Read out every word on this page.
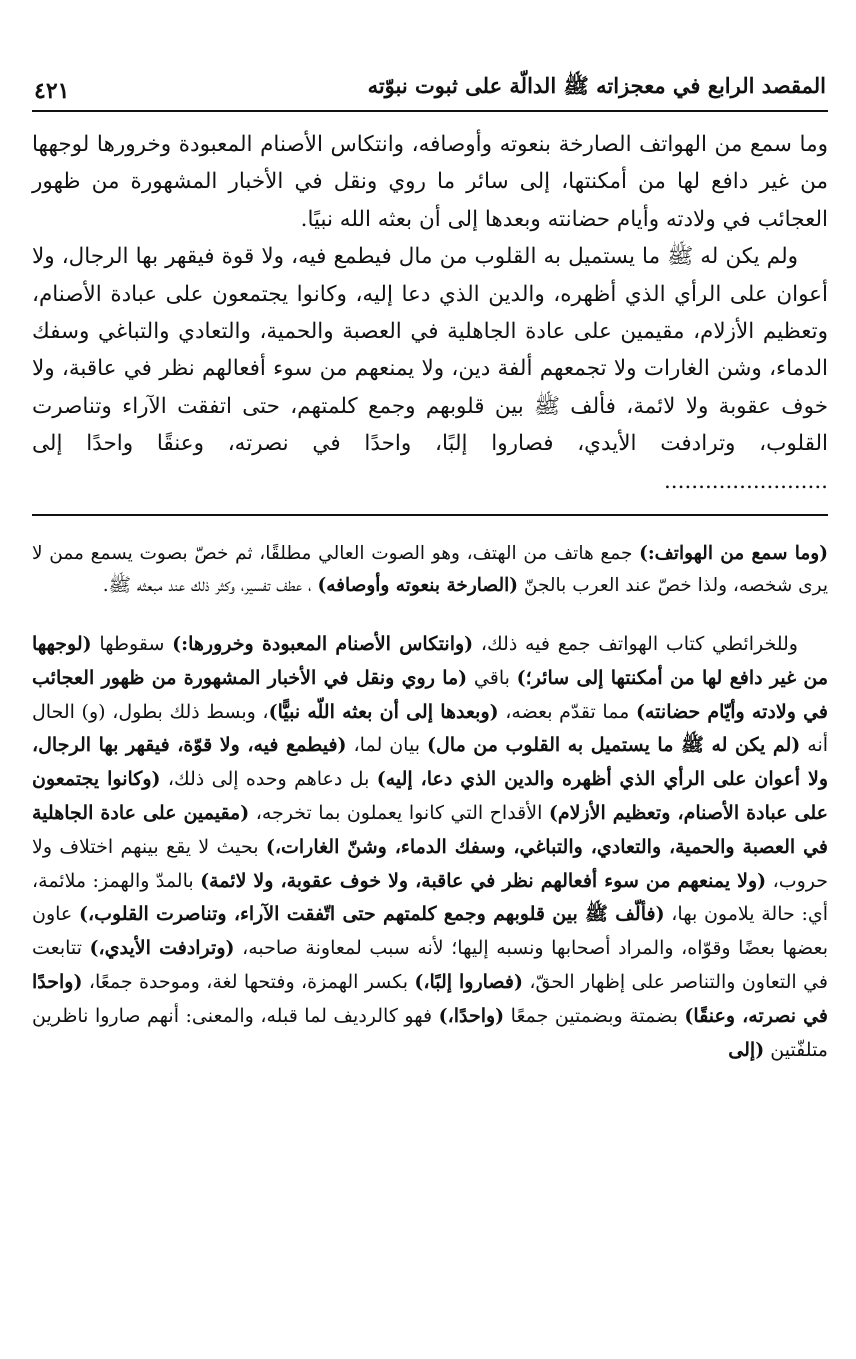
المقصد الرابع في معجزاته ﷺ الدالّة على ثبوت نبوّته
٤٢١

وما سمع من الهواتف الصارخة بنعوته وأوصافه، وانتكاس الأصنام المعبودة وخرورها لوجهها من غير دافع لها من أمكنتها، إلى سائر ما روي ونقل في الأخبار المشهورة من ظهور العجائب في ولادته وأيام حضانته وبعدها إلى أن بعثه الله نبيًا.

ولم يكن له ﷺ ما يستميل به القلوب من مال فيطمع فيه، ولا قوة فيقهر بها الرجال، ولا أعوان على الرأي الذي أظهره، والدين الذي دعا إليه، وكانوا يجتمعون على عبادة الأصنام، وتعظيم الأزلام، مقيمين على عادة الجاهلية في العصبة والحمية، والتعادي والتباغي وسفك الدماء، وشن الغارات ولا تجمعهم ألفة دين، ولا يمنعهم من سوء أفعالهم نظر في عاقبة، ولا خوف عقوبة ولا لائمة، فألف ﷺ بين قلوبهم وجمع كلمتهم، حتى اتفقت الآراء وتناصرت القلوب، وترادفت الأيدي، فصاروا إلبًا، واحدًا في نصرته، وعنقًا واحدًا إلى ........................

(وما سمع من الهواتف:) جمع هاتف من الهتف، وهو الصوت العالي مطلقًا، ثم خصّ بصوت يسمع ممن لا يرى شخصه، ولذا خصّ عند العرب بالجنّ (الصارخة بنعوته وأوصافه) ، عطف تفسير، وكثر ذلك عند مبعثه ﷺ.

وللخرائطي كتاب الهواتف جمع فيه ذلك، (وانتكاس الأصنام المعبودة وخرورها:) سقوطها (لوجهها من غير دافع لها من أمكنتها إلى سائر؛) باقي (ما روي ونقل في الأخبار المشهورة من ظهور العجائب في ولادته وأيّام حضانته) مما تقدّم بعضه، (وبعدها إلى أن بعثه اللّه نبيًّا)، وبسط ذلك بطول، (و) الحال أنه (لم يكن له ﷺ ما يستميل به القلوب من مال) بيان لما، (فيطمع فيه، ولا قوّة، فيقهر بها الرجال، ولا أعوان على الرأي الذي أظهره والدين الذي دعا، إليه) بل دعاهم وحده إلى ذلك، (وكانوا يجتمعون على عبادة الأصنام، وتعظيم الأزلام) الأقداح التي كانوا يعملون بما تخرجه، (مقيمين على عادة الجاهلية في العصبة والحمية، والتعادي، والتباغي، وسفك الدماء، وشنّ الغارات،) بحيث لا يقع بينهم اختلاف ولا حروب، (ولا يمنعهم من سوء أفعالهم نظر في عاقبة، ولا خوف عقوبة، ولا لائمة) بالمدّ والهمز: ملائمة، أي: حالة يلامون بها، (فألّف ﷺ بين قلوبهم وجمع كلمتهم حتى اتّفقت الآراء، وتناصرت القلوب،) عاون بعضها بعضًا وقوّاه، والمراد أصحابها ونسبه إليها؛ لأنه سبب لمعاونة صاحبه، (وترادفت الأيدي،) تتابعت في التعاون والتناصر على إظهار الحقّ، (فصاروا إلبًا،) بكسر الهمزة، وفتحها لغة، وموحدة جمعًا، (واحدًا في نصرته، وعنقًا) بضمتة وبضمتين جمعًا (واحدًا،) فهو كالرديف لما قبله، والمعنى: أنهم صاروا ناظرين متلفّتين (إلى
